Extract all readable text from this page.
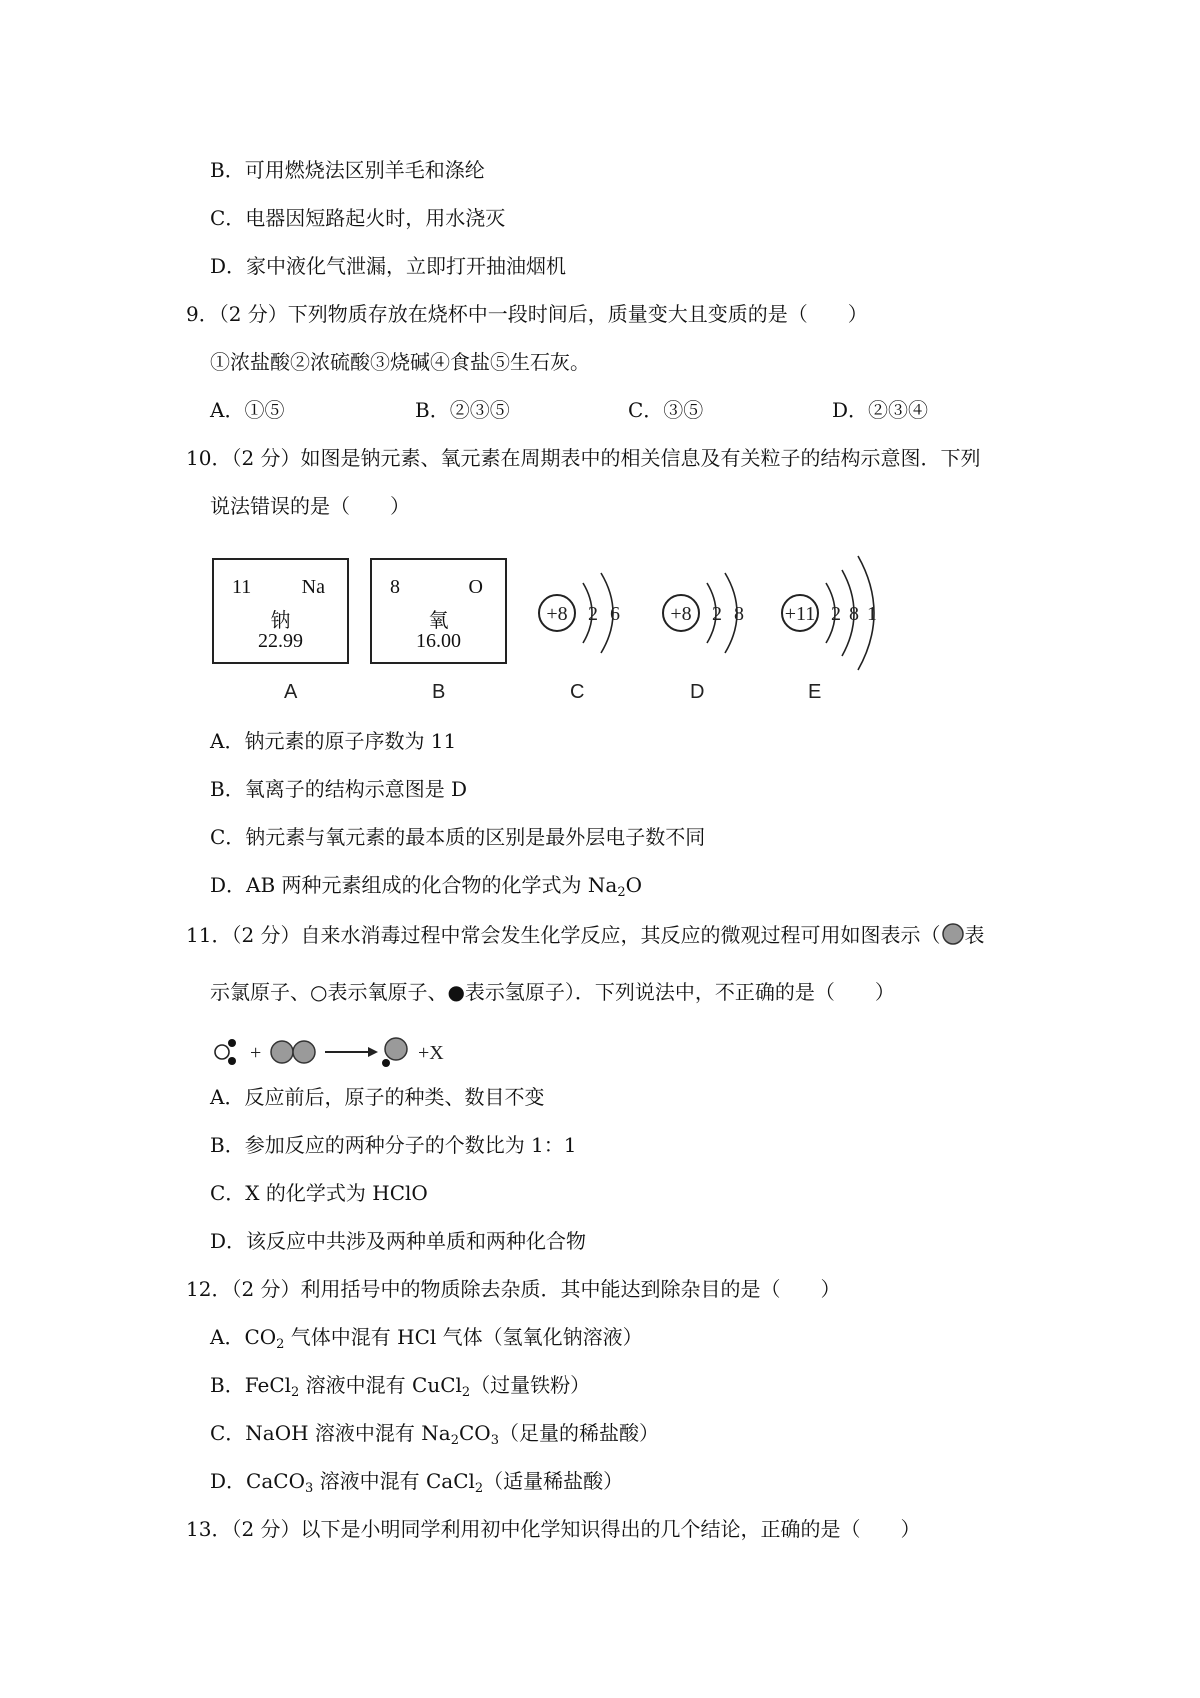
B．可用燃烧法区别羊毛和涤纶
C．电器因短路起火时，用水浇灭
D．家中液化气泄漏，立即打开抽油烟机
9．（2 分）下列物质存放在烧杯中一段时间后，质量变大且变质的是（　　）
①浓盐酸②浓硫酸③烧碱④食盐⑤生石灰。
A．①⑤	B．②③⑤	C．③⑤	D．②③④
10．（2 分）如图是钠元素、氧元素在周期表中的相关信息及有关粒子的结构示意图．下列
说法错误的是（　　）
11	Na
钠
22.99
8	O
氧
16.00
+8 2 6	+8 2 8 +11 2 8 1
A	B	C	D	E
A．钠元素的原子序数为 11
B．氧离子的结构示意图是 D
C．钠元素与氧元素的最本质的区别是最外层电子数不同
D．AB 两种元素组成的化合物的化学式为 $Na_2O$
11．（2 分）自来水消毒过程中常会发生化学反应，其反应的微观过程可用如图表示（ 表
示氯原子、○表示氧原子、●表示氢原子）．下列说法中，不正确的是（　　）
+	+X
A．反应前后，原子的种类、数目不变
B．参加反应的两种分子的个数比为 1：1
C．X 的化学式为 HClO
D．该反应中共涉及两种单质和两种化合物
12．（2 分）利用括号中的物质除去杂质．其中能达到除杂目的是（　　）
A．$CO_2$ 气体中混有 HCl 气体（氢氧化钠溶液）
B．FeCl$_2$ 溶液中混有 CuCl$_2$（过量铁粉）
C．NaOH 溶液中混有 $Na_2CO_3$（足量的稀盐酸）
D．CaCO$_3$ 溶液中混有 CaCl$_2$（适量稀盐酸）
13．（2 分）以下是小明同学利用初中化学知识得出的几个结论，正确的是（　　）
